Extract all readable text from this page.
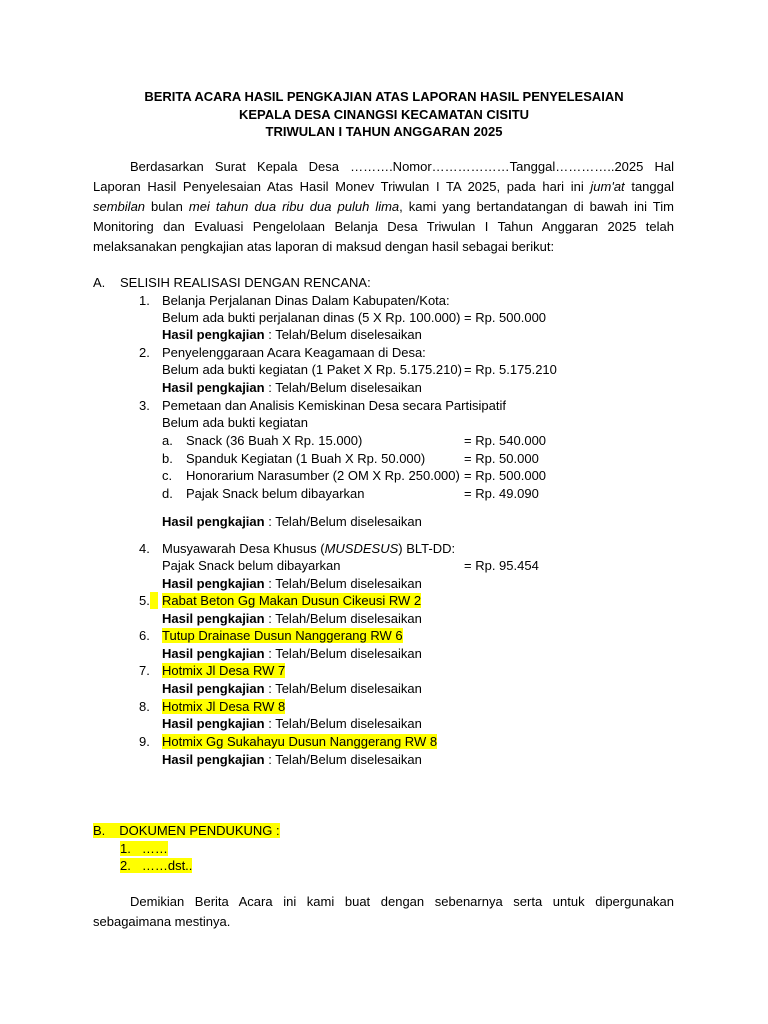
BERITA ACARA HASIL PENGKAJIAN ATAS LAPORAN HASIL PENYELESAIAN
KEPALA DESA CINANGSI KECAMATAN CISITU
TRIWULAN I TAHUN ANGGARAN 2025
Berdasarkan Surat Kepala Desa ……….Nomor………………Tanggal…………..2025 Hal Laporan Hasil Penyelesaian Atas Hasil Monev Triwulan I TA 2025, pada hari ini jum'at tanggal sembilan bulan mei tahun dua ribu dua puluh lima, kami yang bertandatangan di bawah ini Tim Monitoring dan Evaluasi Pengelolaan Belanja Desa Triwulan I Tahun Anggaran 2025 telah melaksanakan pengkajian atas laporan di maksud dengan hasil sebagai berikut:
A. SELISIH REALISASI DENGAN RENCANA:
1. Belanja Perjalanan Dinas Dalam Kabupaten/Kota:
Belum ada bukti perjalanan dinas (5 X Rp. 100.000) = Rp. 500.000
Hasil pengkajian : Telah/Belum diselesaikan
2. Penyelenggaraan Acara Keagamaan di Desa:
Belum ada bukti kegiatan (1 Paket X Rp. 5.175.210) = Rp. 5.175.210
Hasil pengkajian : Telah/Belum diselesaikan
3. Pemetaan dan Analisis Kemiskinan Desa secara Partisipatif
Belum ada bukti kegiatan
a. Snack (36 Buah X Rp. 15.000)	= Rp. 540.000
b. Spanduk Kegiatan (1 Buah X Rp. 50.000)	= Rp. 50.000
c. Honorarium Narasumber (2 OM X Rp. 250.000) = Rp. 500.000
d. Pajak Snack belum dibayarkan	= Rp. 49.090
Hasil pengkajian : Telah/Belum diselesaikan
4. Musyawarah Desa Khusus (MUSDESUS) BLT-DD:
Pajak Snack belum dibayarkan	= Rp. 95.454
Hasil pengkajian : Telah/Belum diselesaikan
5. Rabat Beton Gg Makan Dusun Cikeusi RW 2
Hasil pengkajian : Telah/Belum diselesaikan
6. Tutup Drainase Dusun Nanggerang RW 6
Hasil pengkajian : Telah/Belum diselesaikan
7. Hotmix Jl Desa RW 7
Hasil pengkajian : Telah/Belum diselesaikan
8. Hotmix Jl Desa RW 8
Hasil pengkajian : Telah/Belum diselesaikan
9. Hotmix Gg Sukahayu Dusun Nanggerang RW 8
Hasil pengkajian : Telah/Belum diselesaikan
B. DOKUMEN PENDUKUNG :
1. ……
2. ……dst..
Demikian Berita Acara ini kami buat dengan sebenarnya serta untuk dipergunakan sebagaimana mestinya.
